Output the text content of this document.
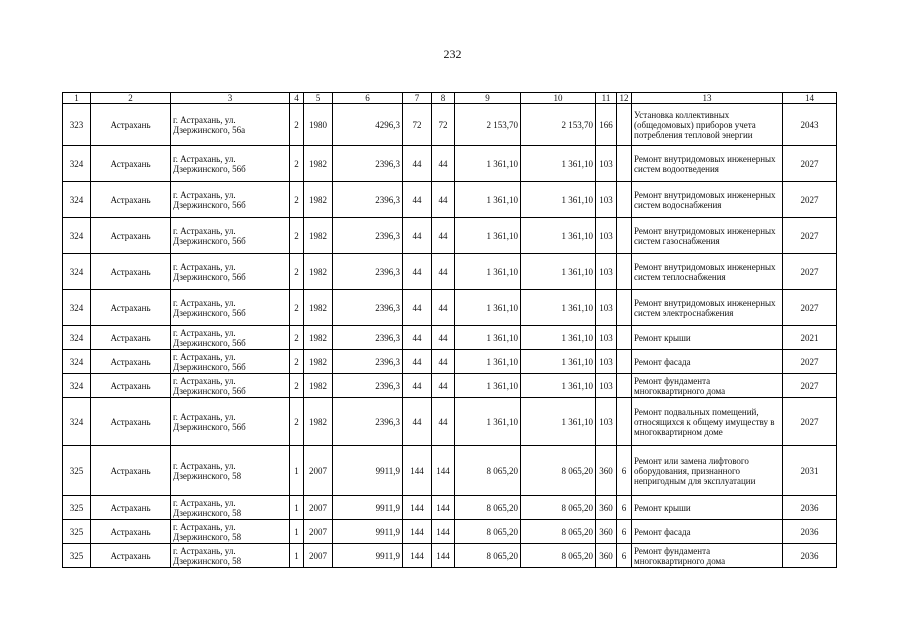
232
1	2	3	4	5	6	7	8	9	10	11	12	13	14
323	Астрахань	г. Астрахань, ул. Дзержинского, 56а	2	1980	4296,3	72	72	2 153,70	2 153,70	166		Установка коллективных (общедомовых) приборов учета потребления тепловой энергии	2043
324	Астрахань	г. Астрахань, ул. Дзержинского, 56б	2	1982	2396,3	44	44	1 361,10	1 361,10	103		Ремонт внутридомовых инженерных систем водоотведения	2027
324	Астрахань	г. Астрахань, ул. Дзержинского, 56б	2	1982	2396,3	44	44	1 361,10	1 361,10	103		Ремонт внутридомовых инженерных систем водоснабжения	2027
324	Астрахань	г. Астрахань, ул. Дзержинского, 56б	2	1982	2396,3	44	44	1 361,10	1 361,10	103		Ремонт внутридомовых инженерных систем газоснабжения	2027
324	Астрахань	г. Астрахань, ул. Дзержинского, 56б	2	1982	2396,3	44	44	1 361,10	1 361,10	103		Ремонт внутридомовых инженерных систем теплоснабжения	2027
324	Астрахань	г. Астрахань, ул. Дзержинского, 56б	2	1982	2396,3	44	44	1 361,10	1 361,10	103		Ремонт внутридомовых инженерных систем электроснабжения	2027
324	Астрахань	г. Астрахань, ул. Дзержинского, 56б	2	1982	2396,3	44	44	1 361,10	1 361,10	103		Ремонт крыши	2021
324	Астрахань	г. Астрахань, ул. Дзержинского, 56б	2	1982	2396,3	44	44	1 361,10	1 361,10	103		Ремонт фасада	2027
324	Астрахань	г. Астрахань, ул. Дзержинского, 56б	2	1982	2396,3	44	44	1 361,10	1 361,10	103		Ремонт фундамента многоквартирного дома	2027
324	Астрахань	г. Астрахань, ул. Дзержинского, 56б	2	1982	2396,3	44	44	1 361,10	1 361,10	103		Ремонт подвальных помещений, относящихся к общему имуществу в многоквартирном доме	2027
325	Астрахань	г. Астрахань, ул. Дзержинского, 58	1	2007	9911,9	144	144	8 065,20	8 065,20	360	6	Ремонт или замена лифтового оборудования, признанного непригодным для эксплуатации	2031
325	Астрахань	г. Астрахань, ул. Дзержинского, 58	1	2007	9911,9	144	144	8 065,20	8 065,20	360	6	Ремонт крыши	2036
325	Астрахань	г. Астрахань, ул. Дзержинского, 58	1	2007	9911,9	144	144	8 065,20	8 065,20	360	6	Ремонт фасада	2036
325	Астрахань	г. Астрахань, ул. Дзержинского, 58	1	2007	9911,9	144	144	8 065,20	8 065,20	360	6	Ремонт фундамента многоквартирного дома	2036
